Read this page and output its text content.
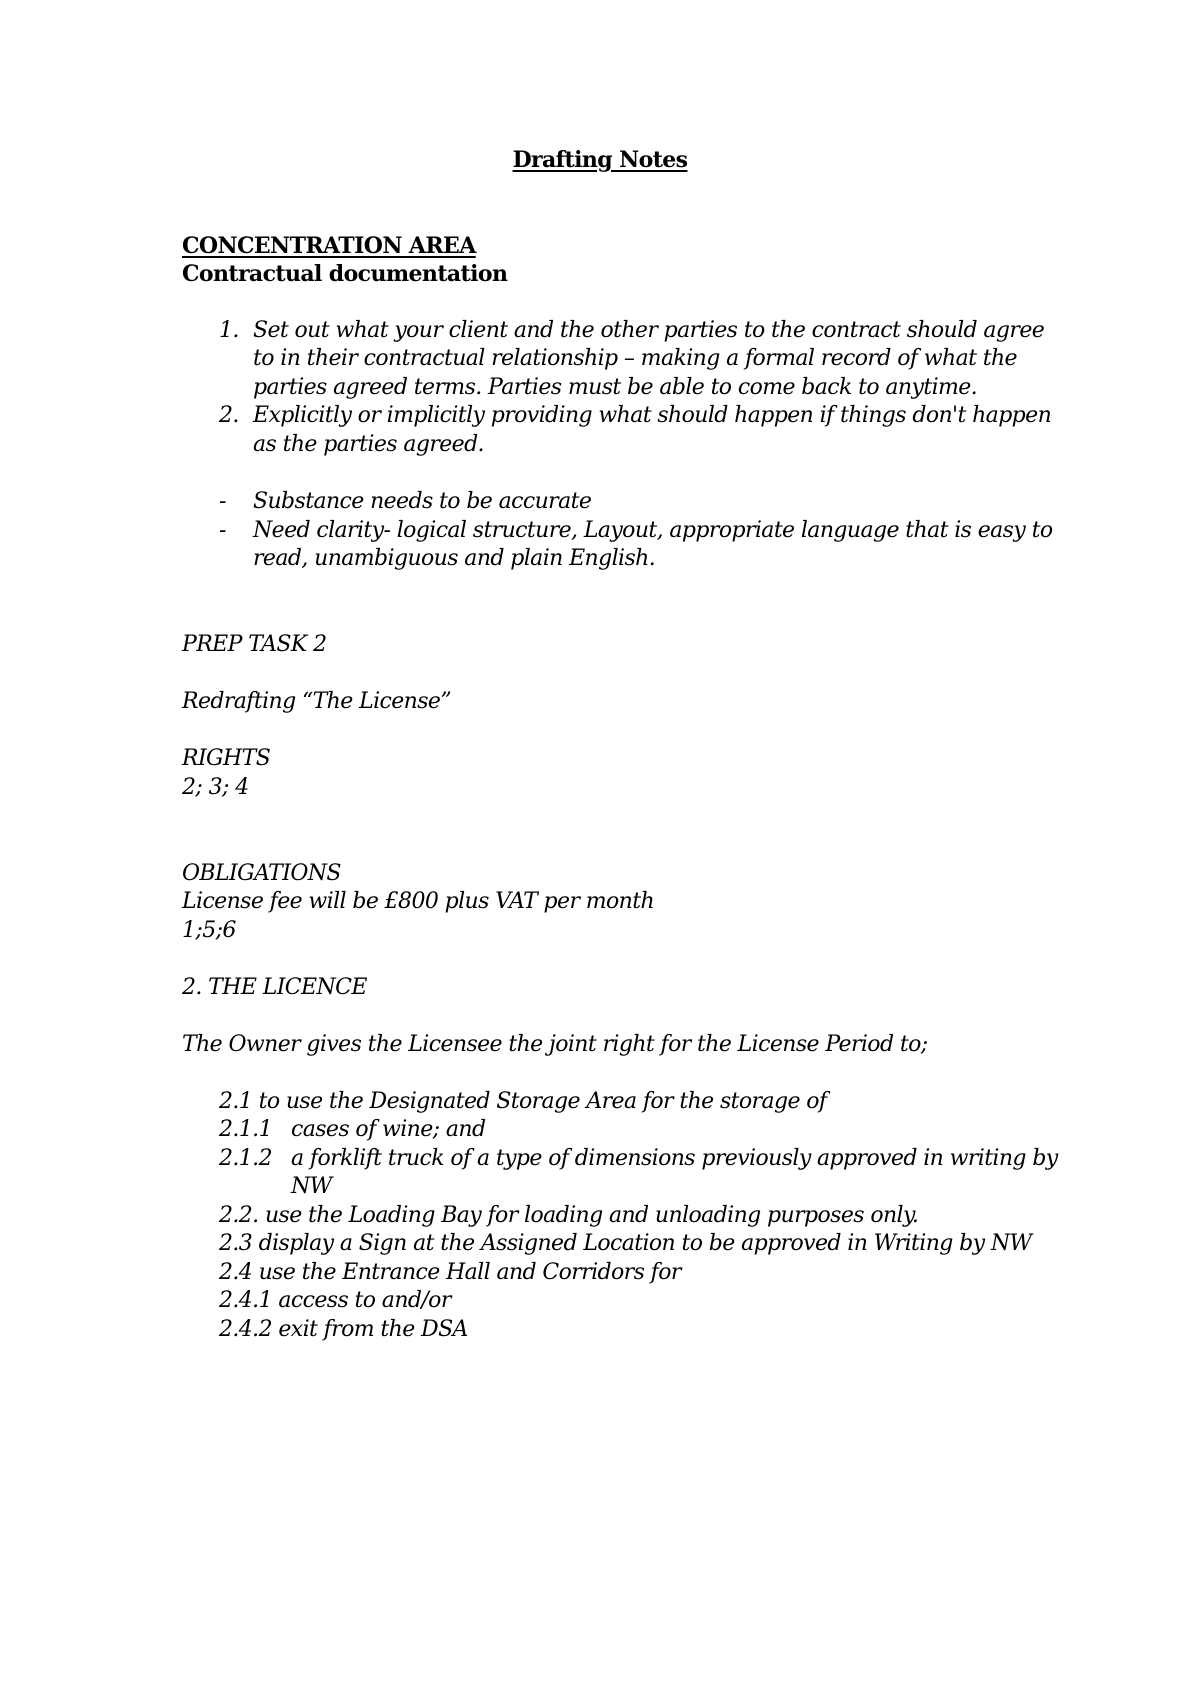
Drafting Notes
CONCENTRATION AREA
Contractual documentation
1. Set out what your client and the other parties to the contract should agree
to in their contractual relationship – making a formal record of what the
parties agreed terms. Parties must be able to come back to anytime.
2. Explicitly or implicitly providing what should happen if things don't happen
as the parties agreed.
- Substance needs to be accurate
- Need clarity- logical structure, Layout, appropriate language that is easy to
read, unambiguous and plain English.
PREP TASK 2
Redrafting “The License”
RIGHTS
2; 3; 4
OBLIGATIONS
License fee will be £800 plus VAT per month
1;5;6
2. THE LICENCE
The Owner gives the Licensee the joint right for the License Period to;
2.1 to use the Designated Storage Area for the storage of
2.1.1 cases of wine; and
2.1.2 a forklift truck of a type of dimensions previously approved in writing by
NW
2.2. use the Loading Bay for loading and unloading purposes only.
2.3 display a Sign at the Assigned Location to be approved in Writing by NW
2.4 use the Entrance Hall and Corridors for
2.4.1 access to and/or
2.4.2 exit from the DSA
